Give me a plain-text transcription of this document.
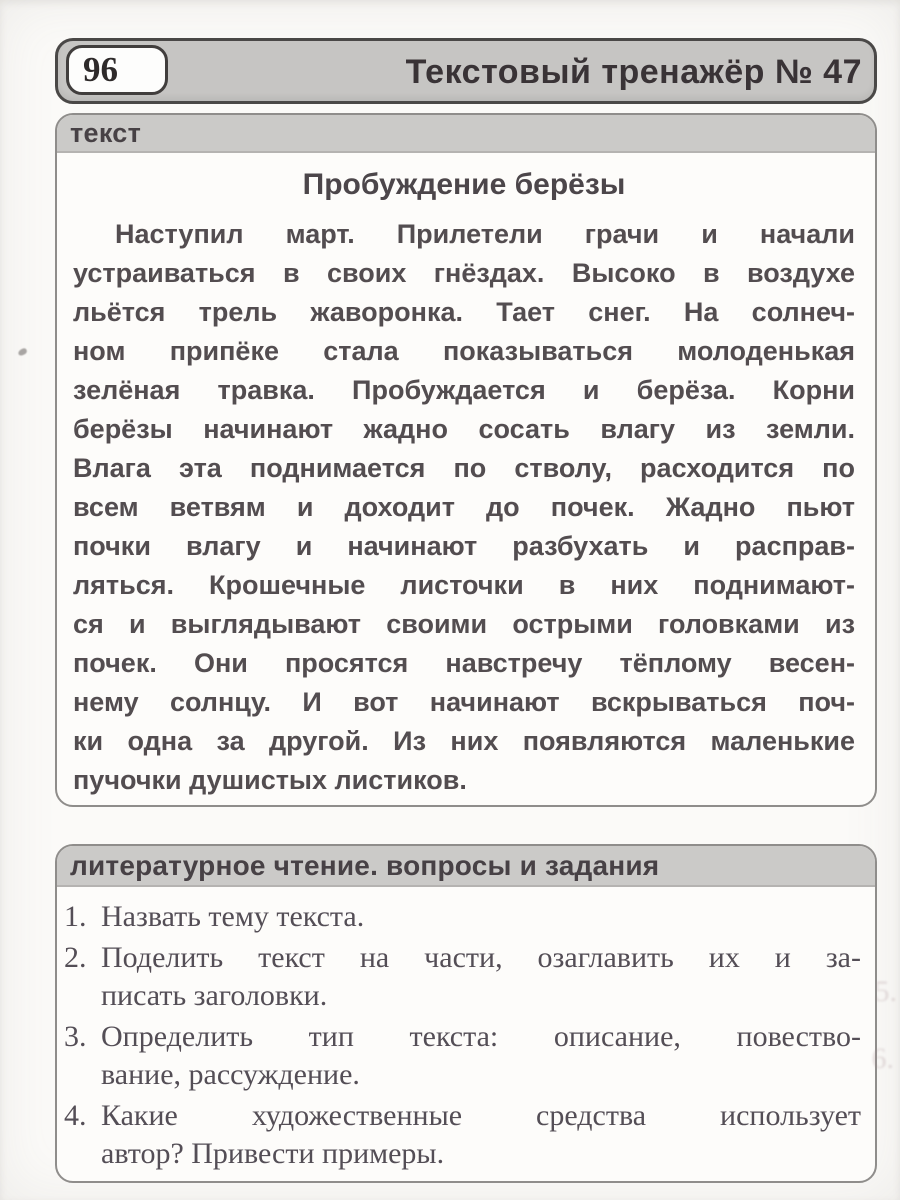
96	Текстовый тренажёр № 47
текст
Пробуждение берёзы
Наступил март. Прилетели грачи и начали
устраиваться в своих гнёздах. Высоко в воздухе
льётся трель жаворонка. Тает снег. На солнеч-
ном припёке стала показываться молоденькая
зелёная травка. Пробуждается и берёза. Корни
берёзы начинают жадно сосать влагу из земли.
Влага эта поднимается по стволу, расходится по
всем ветвям и доходит до почек. Жадно пьют
почки влагу и начинают разбухать и расправ-
ляться. Крошечные листочки в них поднимают-
ся и выглядывают своими острыми головками из
почек. Они просятся навстречу тёплому весен-
нему солнцу. И вот начинают вскрываться поч-
ки одна за другой. Из них появляются маленькие
пучочки душистых листиков.
литературное чтение. вопросы и задания
1. Назвать тему текста.
2. Поделить текст на части, озаглавить их и за-
писать заголовки.
3. Определить тип текста: описание, повество-
вание, рассуждение.
4. Какие художественные средства использует
автор? Привести примеры.
5.
6.
